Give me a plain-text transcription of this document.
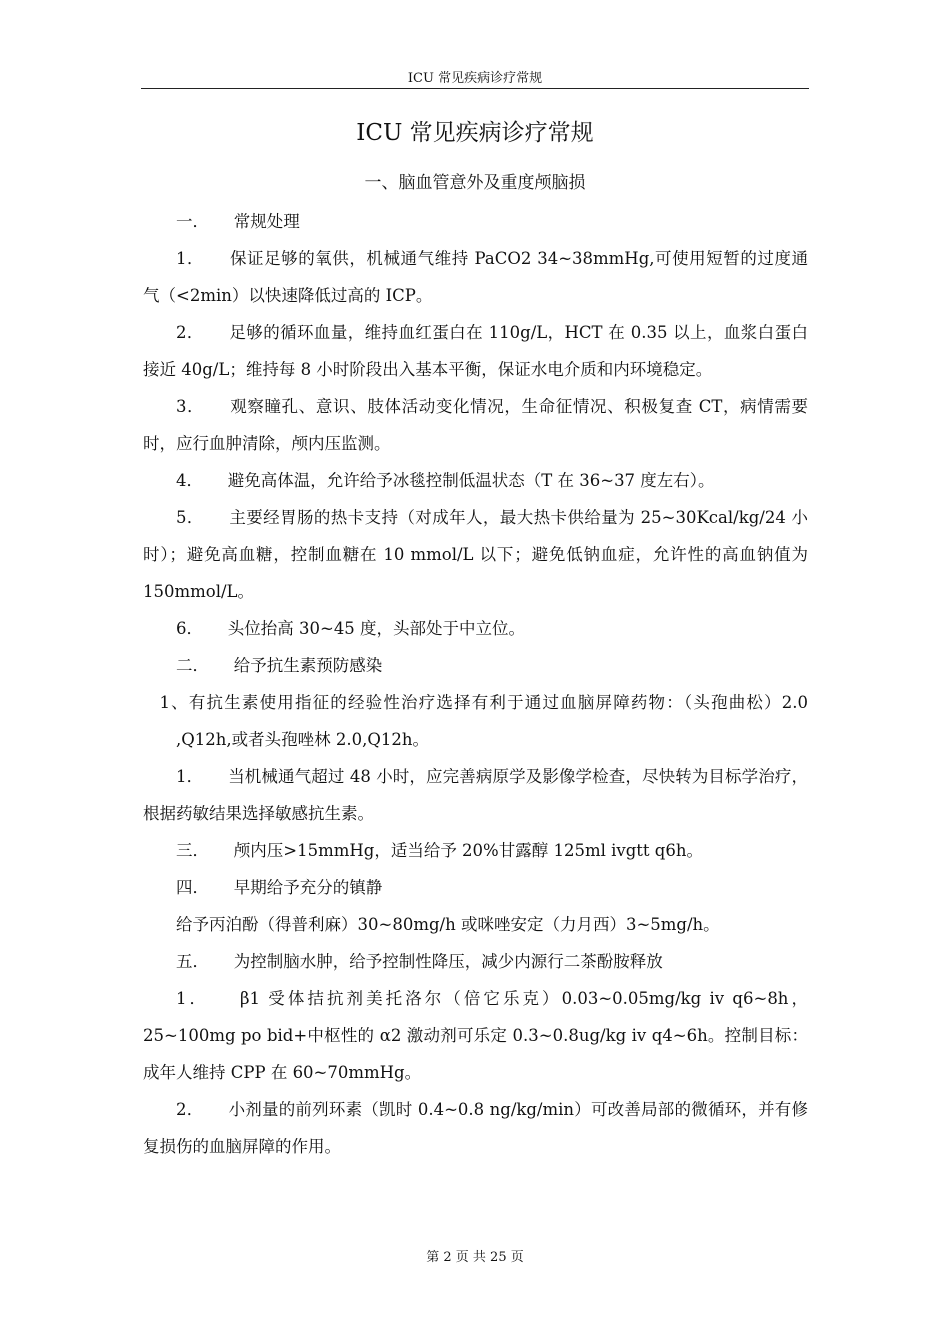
ICU 常见疾病诊疗常规
ICU 常见疾病诊疗常规
一、脑血管意外及重度颅脑损

一．　　常规处理

1．　　保证足够的氧供，机械通气维持 PaCO2 34~38mmHg,可使用短暂的过度通气（<2min）以快速降低过高的 ICP。

2．　　足够的循环血量，维持血红蛋白在 110g/L，HCT 在 0.35 以上，血浆白蛋白接近 40g/L；维持每 8 小时阶段出入基本平衡，保证水电介质和内环境稳定。

3．　　观察瞳孔、意识、肢体活动变化情况，生命征情况、积极复查 CT，病情需要时，应行血肿清除，颅内压监测。

4．　　避免高体温，允许给予冰毯控制低温状态（T 在 36~37 度左右）。

5．　　主要经胃肠的热卡支持（对成年人，最大热卡供给量为 25~30Kcal/kg/24 小时）；避免高血糖，控制血糖在 10 mmol/L 以下；避免低钠血症，允许性的高血钠值为 150mmol/L。

6．　　头位抬高 30~45 度，头部处于中立位。

二．　　给予抗生素预防感染

1、有抗生素使用指征的经验性治疗选择有利于通过血脑屏障药物：（头孢曲松）2.0 ,Q12h,或者头孢唑林 2.0,Q12h。

1．　　当机械通气超过 48 小时，应完善病原学及影像学检查，尽快转为目标学治疗，根据药敏结果选择敏感抗生素。

三．　　颅内压>15mmHg，适当给予 20%甘露醇 125ml ivgtt q6h。

四．　　早期给予充分的镇静

给予丙泊酚（得普利麻）30~80mg/h 或咪唑安定（力月西）3~5mg/h。

五．　　为控制脑水肿，给予控制性降压，减少内源行二茶酚胺释放

1．　　β1 受体拮抗剂美托洛尔（倍它乐克）0.03~0.05mg/kg iv q6~8h，25~100mg po bid+中枢性的 α2 激动剂可乐定 0.3~0.8ug/kg iv q4~6h。控制目标：成年人维持 CPP 在 60~70mmHg。

2．　　小剂量的前列环素（凯时 0.4~0.8 ng/kg/min）可改善局部的微循环，并有修复损伤的血脑屏障的作用。

第 2 页 共 25 页
